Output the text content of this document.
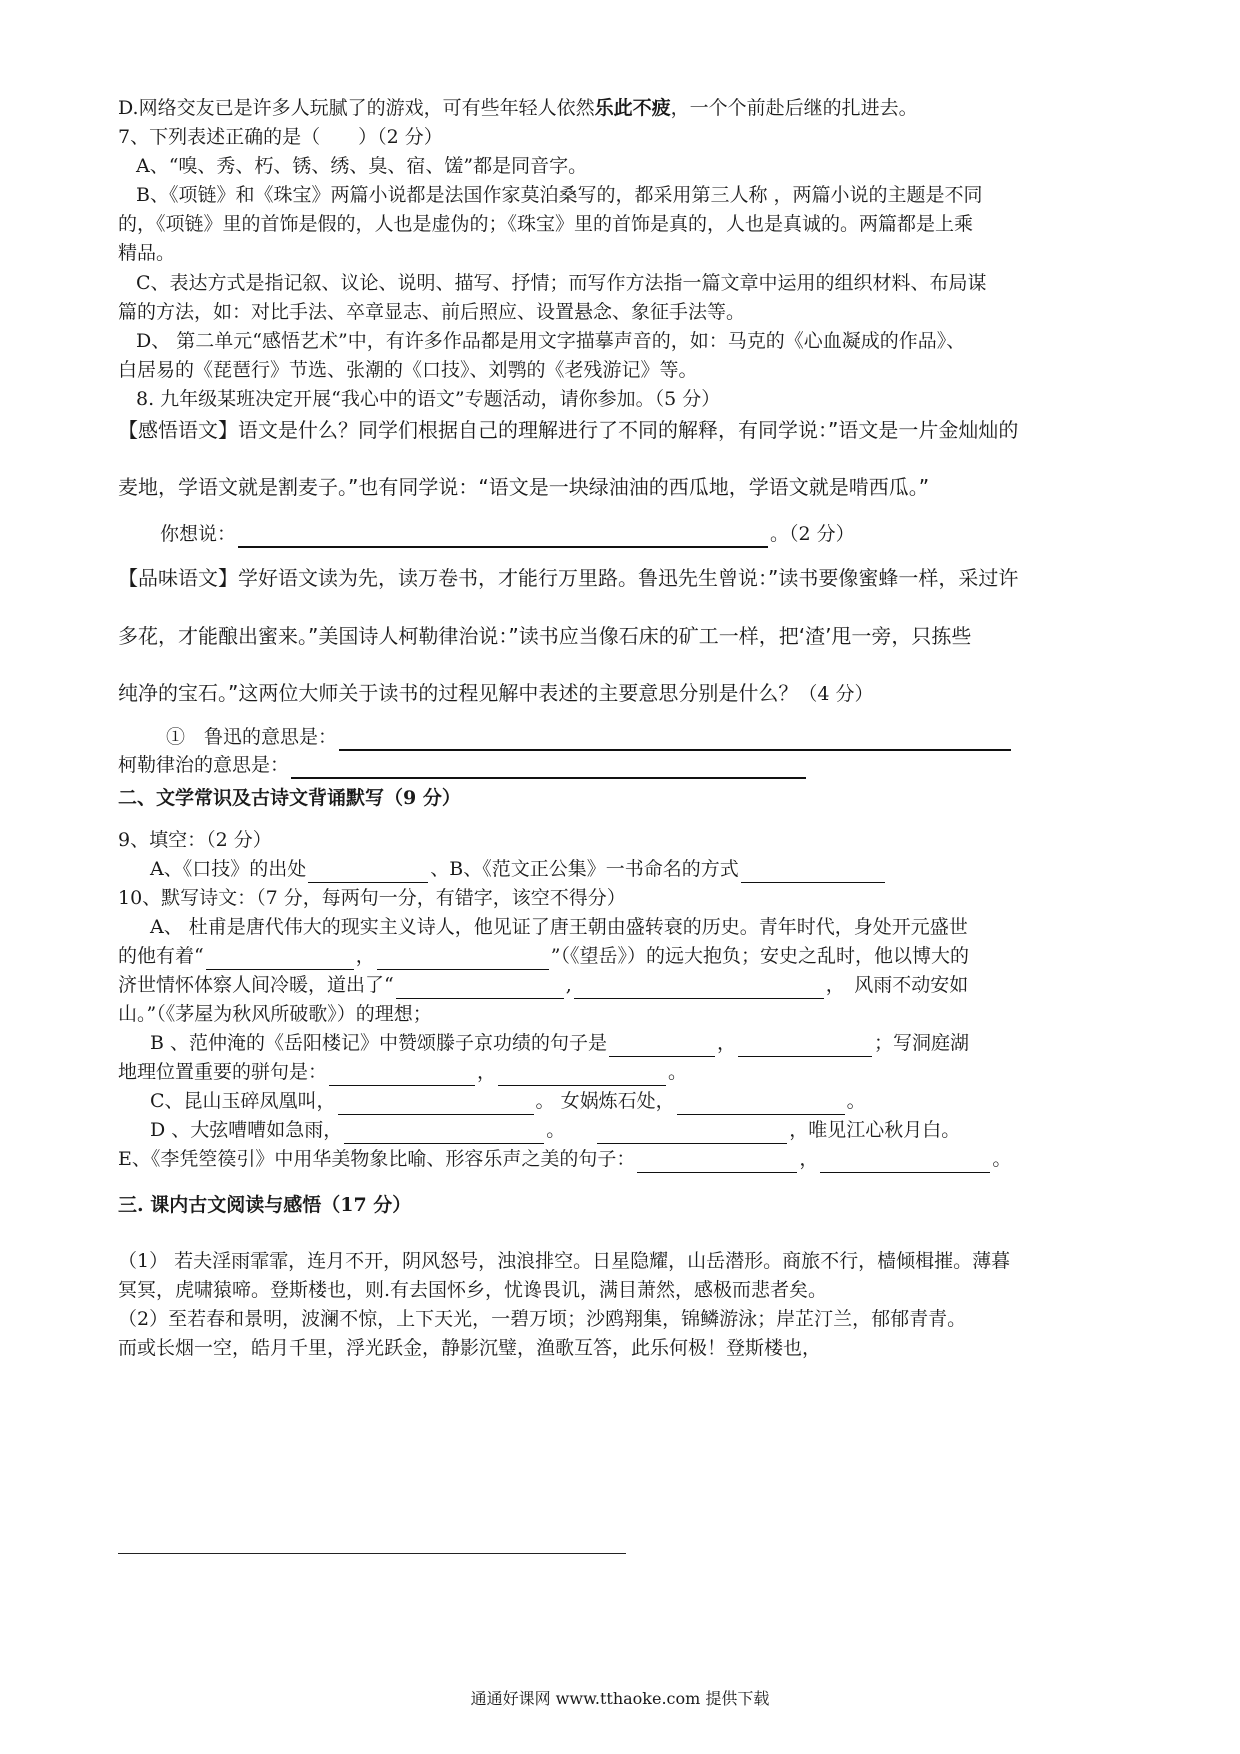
D.网络交友已是许多人玩腻了的游戏，可有些年轻人依然乐此不疲，一个个前赴后继的扎进去。
7、下列表述正确的是（　　）（2 分）
A、“嗅、秀、朽、锈、绣、臭、宿、馐”都是同音字。
B、《项链》和《珠宝》两篇小说都是法国作家莫泊桑写的，都采用第三人称 ，两篇小说的主题是不同
的，《项链》里的首饰是假的，人也是虚伪的；《珠宝》里的首饰是真的，人也是真诚的。两篇都是上乘
精品。
C、表达方式是指记叙、议论、说明、描写、抒情；而写作方法指一篇文章中运用的组织材料、布局谋
篇的方法，如：对比手法、卒章显志、前后照应、设置悬念、象征手法等。
D、 第二单元“感悟艺术”中，有许多作品都是用文字描摹声音的，如：马克的《心血凝成的作品》、
白居易的《琵琶行》节选、张潮的《口技》、刘鹗的《老残游记》等。
8. 九年级某班决定开展“我心中的语文”专题活动，请你参加。（5 分）
【感悟语文】语文是什么？同学们根据自己的理解进行了不同的解释，有同学说：”语文是一片金灿灿的
麦地，学语文就是割麦子。”也有同学说：“语文是一块绿油油的西瓜地，学语文就是啃西瓜。”
你想说：	。（2 分）
【品味语文】学好语文读为先，读万卷书，才能行万里路。鲁迅先生曾说：”读书要像蜜蜂一样，采过许
多花，才能酿出蜜来。”美国诗人柯勒律治说：”读书应当像石床的矿工一样，把‘渣’甩一旁，只拣些
纯净的宝石。”这两位大师关于读书的过程见解中表述的主要意思分别是什么？（4 分）
①　鲁迅的意思是：
柯勒律治的意思是：
二、文学常识及古诗文背诵默写（9 分）
9、填空：（2 分）
A、《口技》的出处	、B、《范文正公集》一书命名的方式
10、默写诗文：（7 分，每两句一分，有错字，该空不得分）
A、 杜甫是唐代伟大的现实主义诗人，他见证了唐王朝由盛转衰的历史。青年时代，身处开元盛世
的他有着“	，	”（《望岳》）的远大抱负；安史之乱时，他以博大的
济世情怀体察人间冷暖，道出了“	,	，　风雨不动安如
山。”（《茅屋为秋风所破歌》）的理想；
B 、范仲淹的《岳阳楼记》中赞颂滕子京功绩的句子是	，	；写洞庭湖
地理位置重要的骈句是：	，	。
C、昆山玉碎凤凰叫，	。 女娲炼石处，	。
D 、大弦嘈嘈如急雨，	。	，唯见江心秋月白。
E、《李凭箜篌引》中用华美物象比喻、形容乐声之美的句子：	，	。
三. 课内古文阅读与感悟（17 分）
（1） 若夫淫雨霏霏，连月不开，阴风怒号，浊浪排空。日星隐耀，山岳潜形。商旅不行，樯倾楫摧。薄暮
冥冥，虎啸猿啼。登斯楼也，则.有去国怀乡，忧谗畏讥，满目萧然，感极而悲者矣。
（2）至若春和景明，波澜不惊，上下天光，一碧万顷；沙鸥翔集，锦鳞游泳；岸芷汀兰，郁郁青青。
而或长烟一空，皓月千里，浮光跃金，静影沉璧，渔歌互答，此乐何极！登斯楼也，
通通好课网 www.tthaoke.com 提供下载
